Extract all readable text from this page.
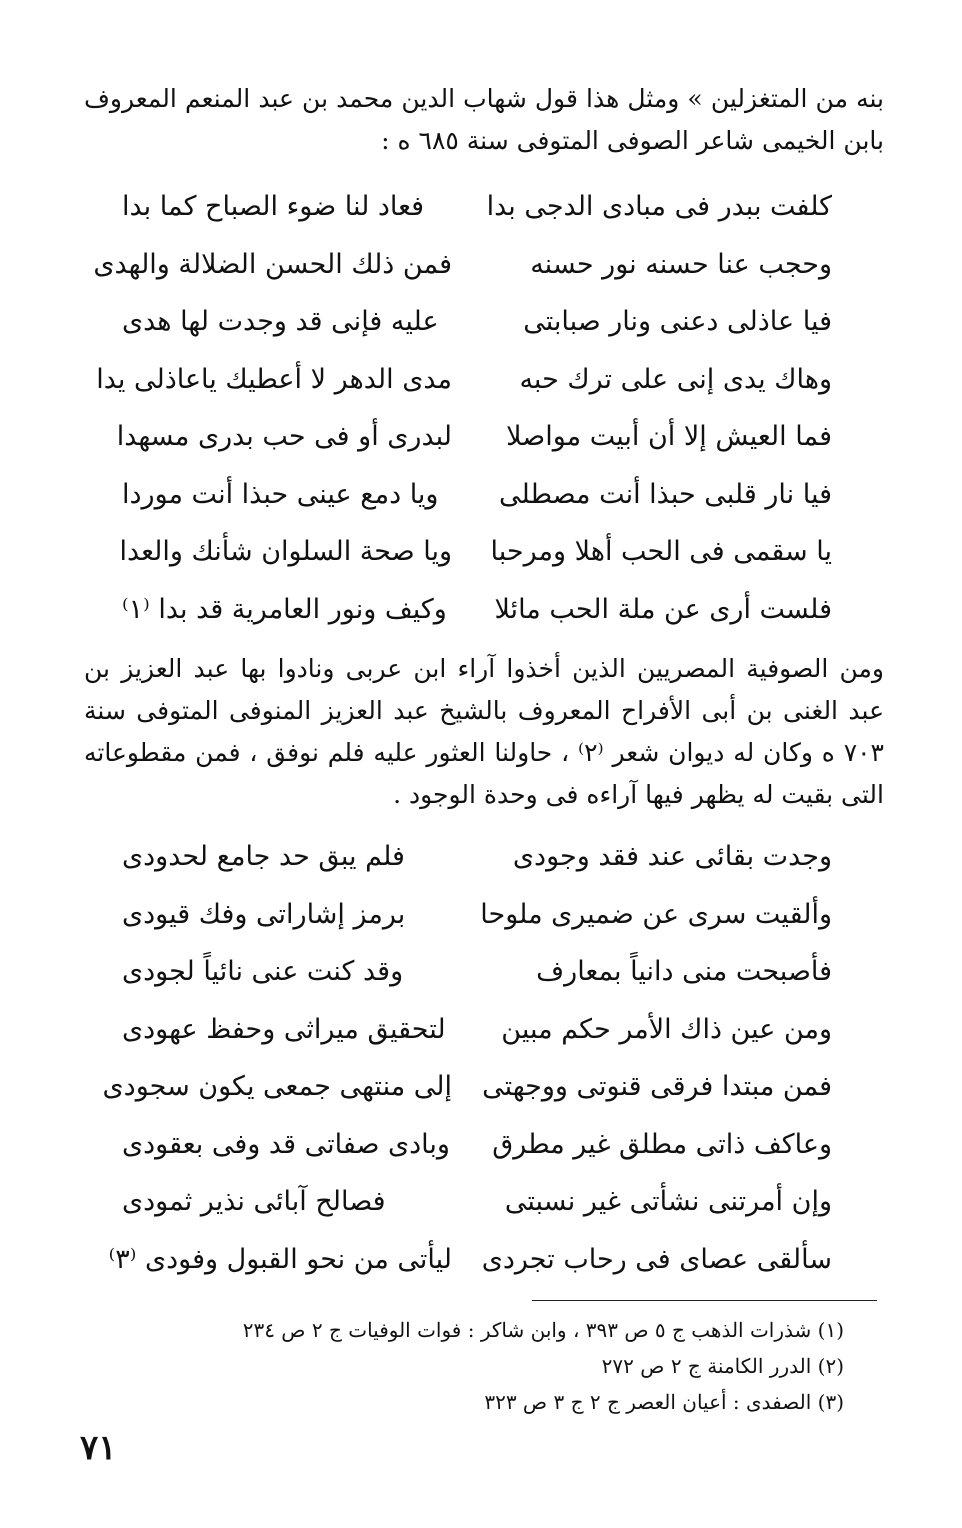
بنه من المتغزلين » ومثل هذا قول شهاب الدين محمد بن عبد المنعم المعروف بابن الخيمى شاعر الصوفى المتوفى سنة ٦٨٥ ه :

كلفت ببدر فى مبادى الدجى بدا
فعاد لنا ضوء الصباح كما بدا
وحجب عنا حسنه نور حسنه
فمن ذلك الحسن الضلالة والهدى
فيا عاذلى دعنى ونار صبابتى
عليه فإنى قد وجدت لها هدى
وهاك يدى إنى على ترك حبه
مدى الدهر لا أعطيك ياعاذلى يدا
فما العيش إلا أن أبيت مواصلا
لبدرى أو فى حب بدرى مسهدا
فيا نار قلبى حبذا أنت مصطلى
ويا دمع عينى حبذا أنت موردا
يا سقمى فى الحب أهلا ومرحبا
ويا صحة السلوان شأنك والعدا
فلست أرى عن ملة الحب مائلا
وكيف ونور العامرية قد بدا ⁽١⁾

ومن الصوفية المصريين الذين أخذوا آراء ابن عربى ونادوا بها عبد العزيز بن عبد الغنى بن أبى الأفراح المعروف بالشيخ عبد العزيز المنوفى المتوفى سنة ٧٠٣ ه وكان له ديوان شعر ⁽٢⁾ ، حاولنا العثور عليه فلم نوفق ، فمن مقطوعاته التى بقيت له يظهر فيها آراءه فى وحدة الوجود .

وجدت بقائى عند فقد وجودى
فلم يبق حد جامع لحدودى
وألقيت سرى عن ضميرى ملوحا
برمز إشاراتى وفك قيودى
فأصبحت منى دانياً بمعارف
وقد كنت عنى نائياً لجودى
ومن عين ذاك الأمر حكم مبين
لتحقيق ميراثى وحفظ عهودى
فمن مبتدا فرقى قنوتى ووجهتى
إلى منتهى جمعى يكون سجودى
وعاكف ذاتى مطلق غير مطرق
وبادى صفاتى قد وفى بعقودى
وإن أمرتنى نشأتى غير نسبتى
فصالح آبائى نذير ثمودى
سألقى عصاى فى رحاب تجردى
ليأتى من نحو القبول وفودى ⁽٣⁾
(١) شذرات الذهب ج ٥ ص ٣٩٣ ، وابن شاكر : فوات الوفيات ج ٢ ص ٢٣٤
(٢) الدرر الكامنة ج ٢ ص ٢٧٢
(٣) الصفدى : أعيان العصر ج ٢ ج ٣ ص ٣٢٣
٧١
